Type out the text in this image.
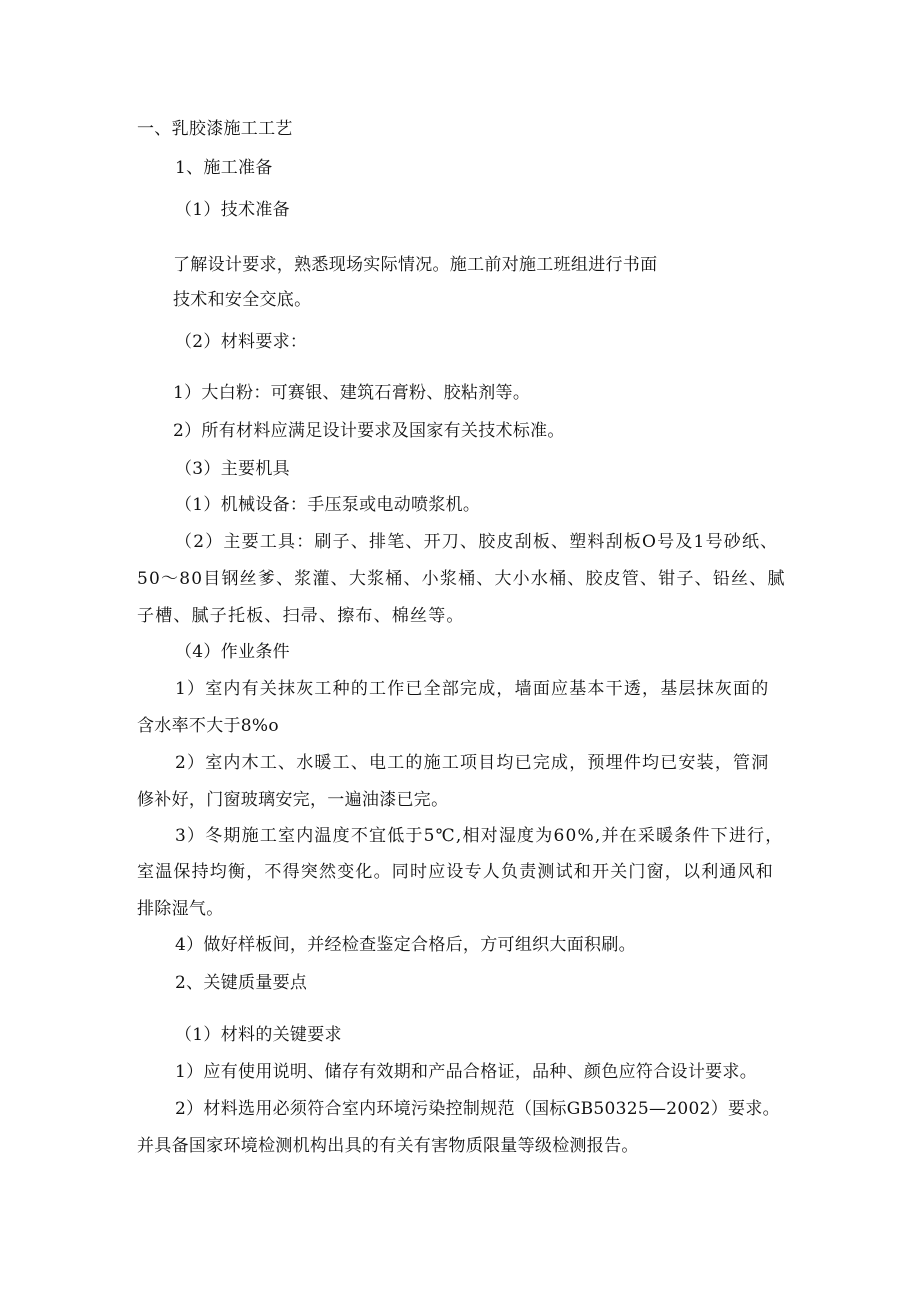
一、乳胶漆施工工艺
1、施工准备
（1）技术准备
了解设计要求，熟悉现场实际情况。施工前对施工班组进行书面
技术和安全交底。
（2）材料要求：
1）大白粉：可赛银、建筑石膏粉、胶粘剂等。
2）所有材料应满足设计要求及国家有关技术标准。
（3）主要机具
（1）机械设备：手压泵或电动喷浆机。
（2）主要工具：刷子、排笔、开刀、胶皮刮板、塑料刮板O号及1号砂纸、
50～80目钢丝爹、浆灌、大浆桶、小浆桶、大小水桶、胶皮管、钳子、铅丝、腻
子槽、腻子托板、扫帚、擦布、棉丝等。
（4）作业条件
1）室内有关抹灰工种的工作已全部完成，墙面应基本干透，基层抹灰面的
含水率不大于8%o
2）室内木工、水暖工、电工的施工项目均已完成，预埋件均已安装，管洞
修补好，门窗玻璃安完，一遍油漆已完。
3）冬期施工室内温度不宜低于5℃,相对湿度为60%,并在采暖条件下进行，
室温保持均衡，不得突然变化。同时应设专人负责测试和开关门窗，以利通风和
排除湿气。
4）做好样板间，并经检查鉴定合格后，方可组织大面积刷。
2、关键质量要点
（1）材料的关键要求
1）应有使用说明、储存有效期和产品合格证，品种、颜色应符合设计要求。
2）材料选用必须符合室内环境污染控制规范（国标GB50325—2002）要求。
并具备国家环境检测机构出具的有关有害物质限量等级检测报告。
